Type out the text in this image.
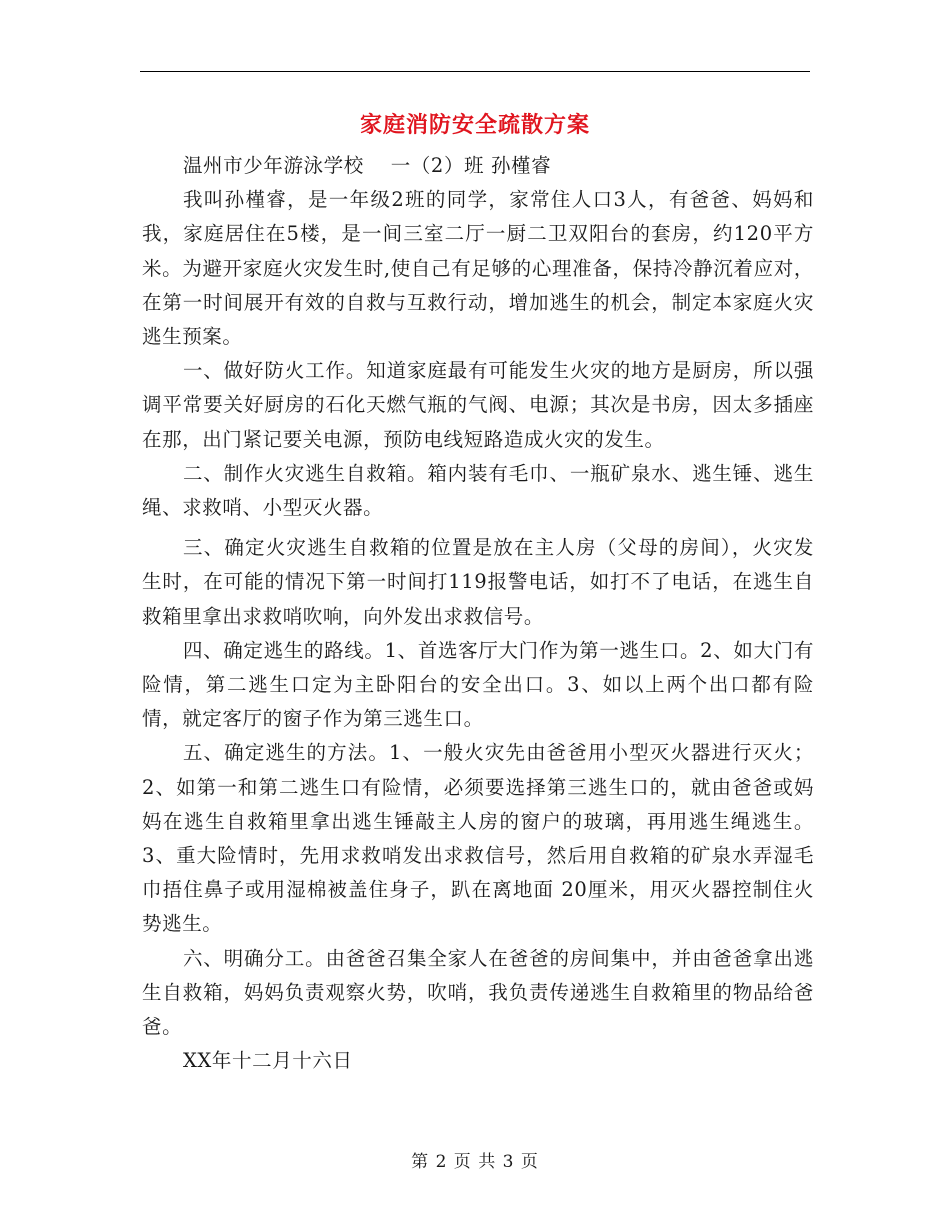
家庭消防安全疏散方案

温州市少年游泳学校　 一（2）班 孙槿睿

我叫孙槿睿，是一年级2班的同学，家常住人口3人，有爸爸、妈妈和我，家庭居住在5楼，是一间三室二厅一厨二卫双阳台的套房，约120平方米。为避开家庭火灾发生时,使自己有足够的心理准备，保持冷静沉着应对，在第一时间展开有效的自救与互救行动，增加逃生的机会，制定本家庭火灾逃生预案。

一、做好防火工作。知道家庭最有可能发生火灾的地方是厨房，所以强调平常要关好厨房的石化天燃气瓶的气阀、电源；其次是书房，因太多插座在那，出门紧记要关电源，预防电线短路造成火灾的发生。

二、制作火灾逃生自救箱。箱内装有毛巾、一瓶矿泉水、逃生锤、逃生绳、求救哨、小型灭火器。

三、确定火灾逃生自救箱的位置是放在主人房（父母的房间），火灾发生时，在可能的情况下第一时间打119报警电话，如打不了电话，在逃生自救箱里拿出求救哨吹响，向外发出求救信号。

四、确定逃生的路线。1、首选客厅大门作为第一逃生口。2、如大门有险情，第二逃生口定为主卧阳台的安全出口。3、如以上两个出口都有险情，就定客厅的窗子作为第三逃生口。

五、确定逃生的方法。1、一般火灾先由爸爸用小型灭火器进行灭火；2、如第一和第二逃生口有险情，必须要选择第三逃生口的，就由爸爸或妈妈在逃生自救箱里拿出逃生锤敲主人房的窗户的玻璃，再用逃生绳逃生。3、重大险情时，先用求救哨发出求救信号，然后用自救箱的矿泉水弄湿毛巾捂住鼻子或用湿棉被盖住身子，趴在离地面 20厘米，用灭火器控制住火势逃生。

六、明确分工。由爸爸召集全家人在爸爸的房间集中，并由爸爸拿出逃生自救箱，妈妈负责观察火势，吹哨，我负责传递逃生自救箱里的物品给爸爸。

XX年十二月十六日

第 2 页 共 3 页
